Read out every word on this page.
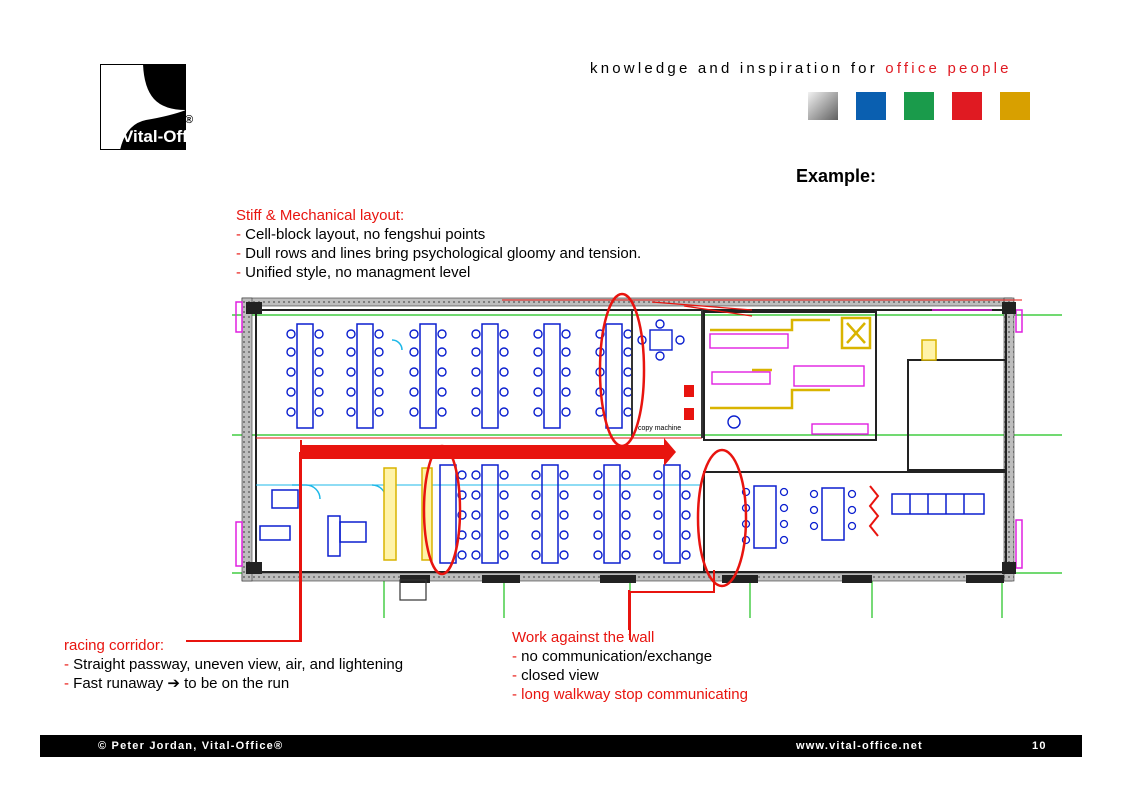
Vital-Office
®
knowledge and inspiration for office people
Example:
Stiff & Mechanical layout:
- Cell-block layout, no fengshui points
- Dull rows and lines bring psychological gloomy and tension.
- Unified style, no managment level
copy machine
racing corridor:
- Straight passway, uneven view, air, and lightening
- Fast runaway ➔ to be on the run
Work against the wall
- no communication/exchange
- closed view
- long walkway stop communicating
© Peter Jordan, Vital-Office®	www.vital-office.net	10
